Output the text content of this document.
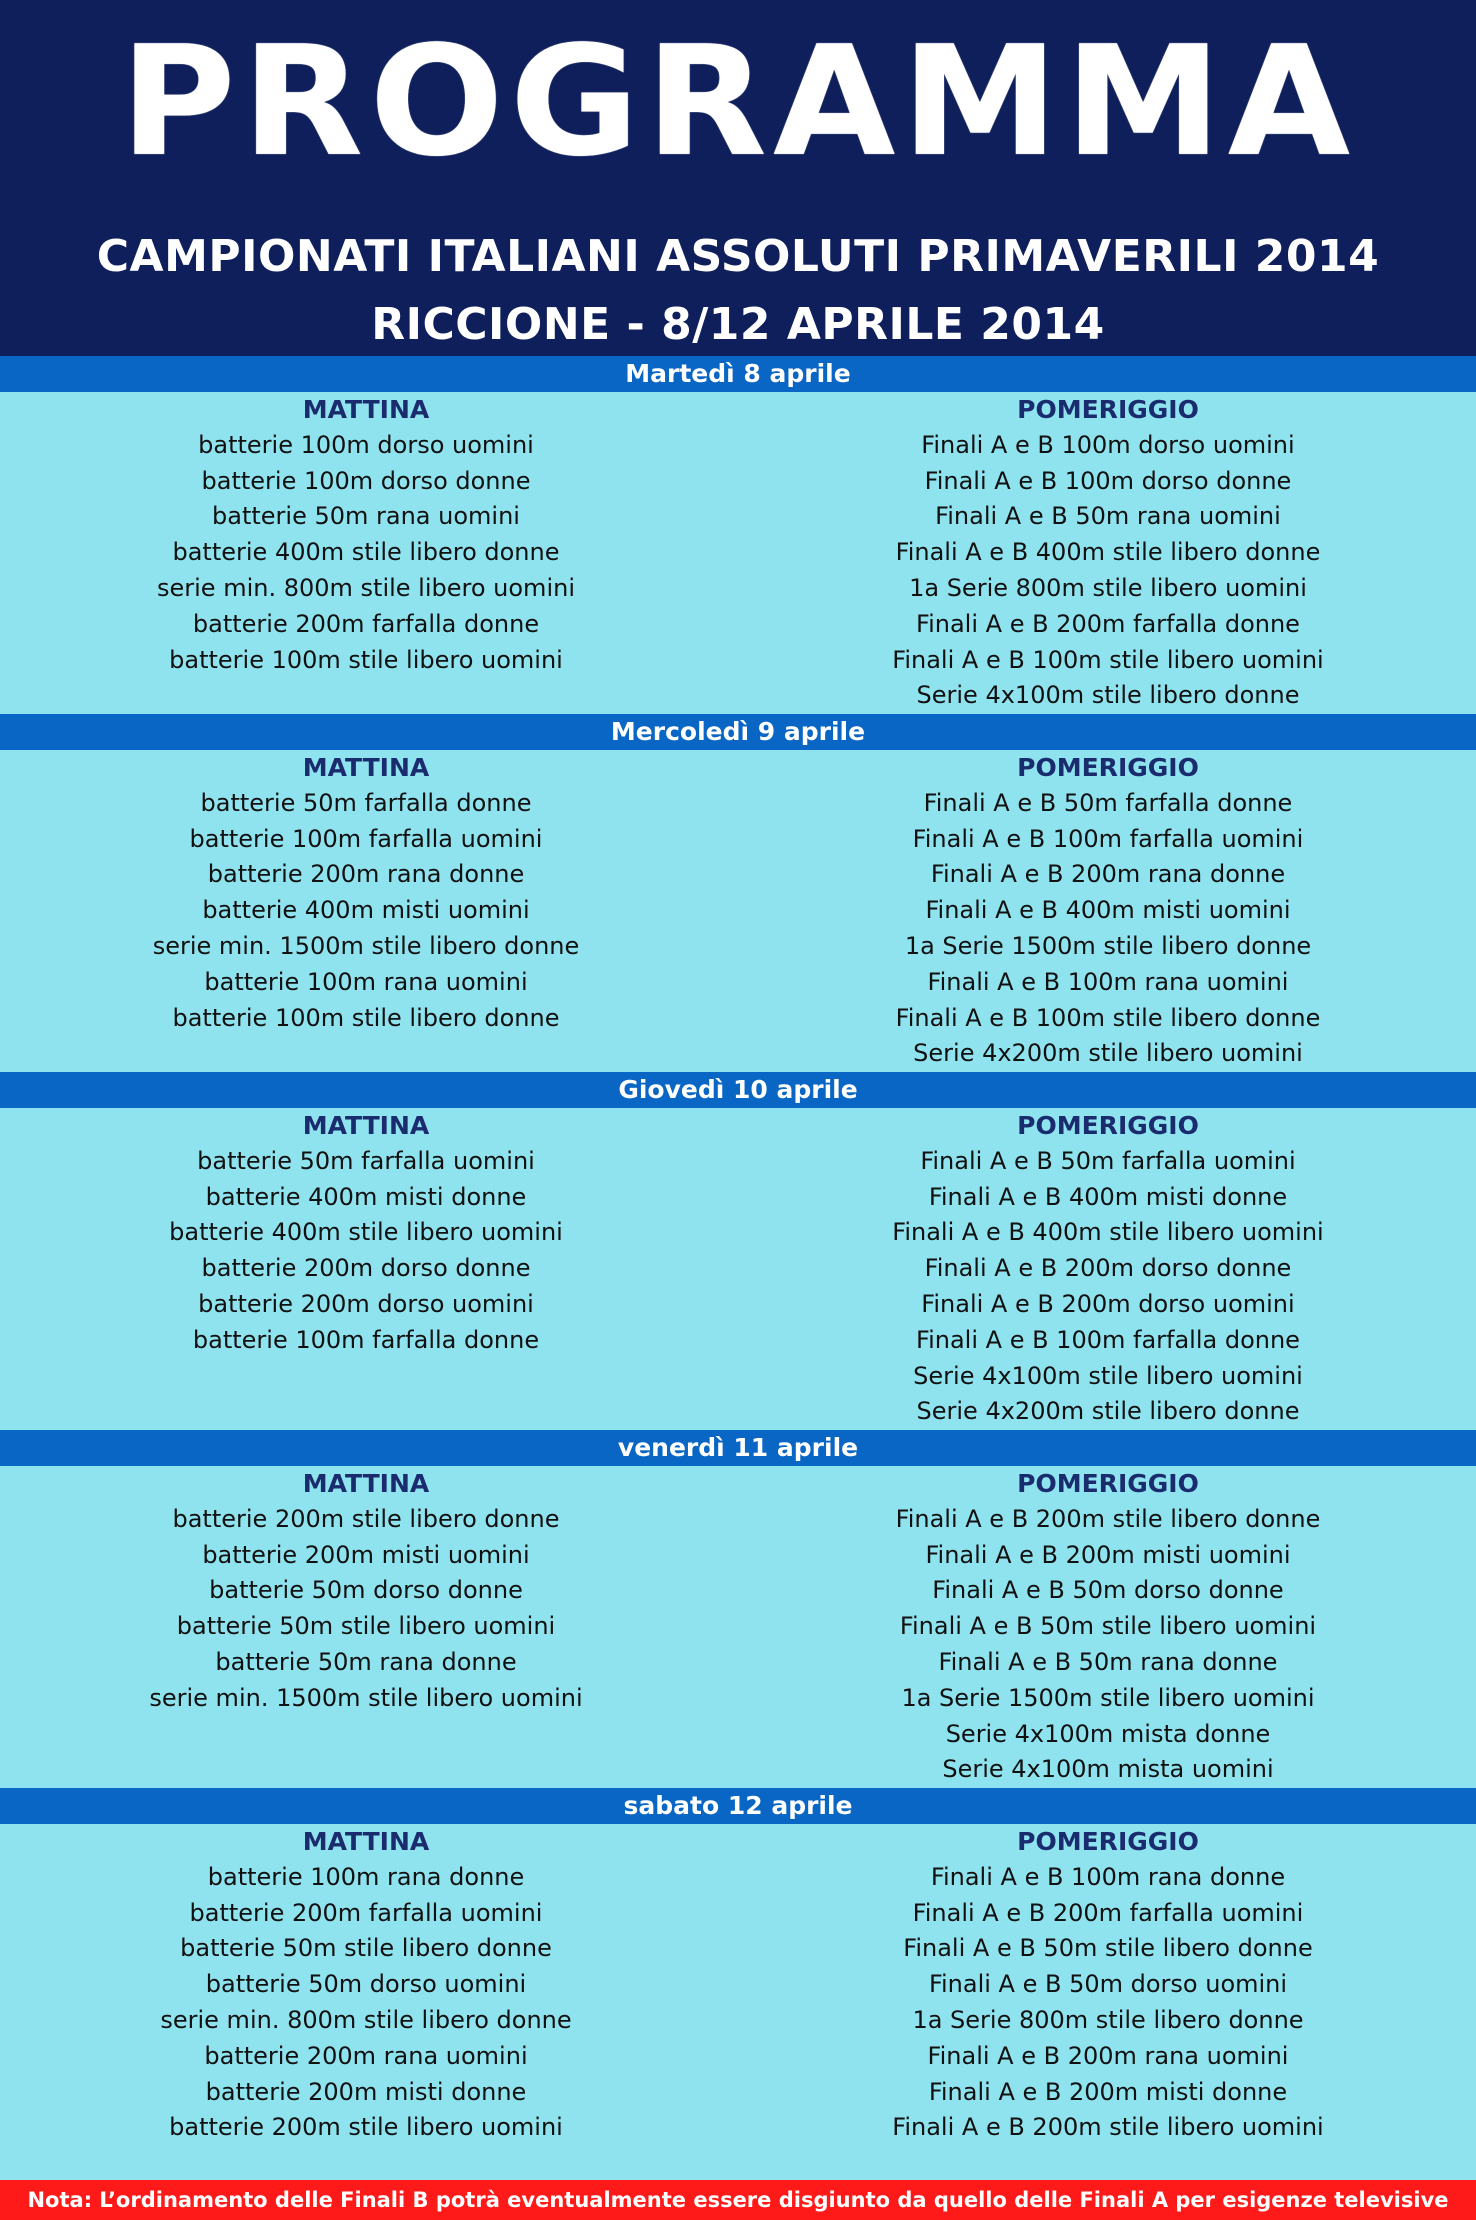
PROGRAMMA
CAMPIONATI ITALIANI ASSOLUTI PRIMAVERILI 2014
RICCIONE - 8/12 APRILE 2014
Martedì 8 aprile
MATTINA
batterie 100m dorso uomini
batterie 100m dorso donne
batterie 50m rana uomini
batterie 400m stile libero donne
serie min. 800m stile libero uomini
batterie 200m farfalla donne
batterie 100m stile libero uomini
POMERIGGIO
Finali A e B 100m dorso uomini
Finali A e B 100m dorso donne
Finali A e B 50m rana uomini
Finali A e B 400m stile libero donne
1a Serie 800m stile libero uomini
Finali A e B 200m farfalla donne
Finali A e B 100m stile libero uomini
Serie 4x100m stile libero donne
Mercoledì 9 aprile
MATTINA
batterie 50m farfalla donne
batterie 100m farfalla uomini
batterie 200m rana donne
batterie 400m misti uomini
serie min. 1500m stile libero donne
batterie 100m rana uomini
batterie 100m stile libero donne
POMERIGGIO
Finali A e B 50m farfalla donne
Finali A e B 100m farfalla uomini
Finali A e B 200m rana donne
Finali A e B 400m misti uomini
1a Serie 1500m stile libero donne
Finali A e B 100m rana uomini
Finali A e B 100m stile libero donne
Serie 4x200m stile libero uomini
Giovedì 10 aprile
MATTINA
batterie 50m farfalla uomini
batterie 400m misti donne
batterie 400m stile libero uomini
batterie 200m dorso donne
batterie 200m dorso uomini
batterie 100m farfalla donne
POMERIGGIO
Finali A e B 50m farfalla uomini
Finali A e B 400m misti donne
Finali A e B 400m stile libero uomini
Finali A e B 200m dorso donne
Finali A e B 200m dorso uomini
Finali A e B 100m farfalla donne
Serie 4x100m stile libero uomini
Serie 4x200m stile libero donne
venerdì 11 aprile
MATTINA
batterie 200m stile libero donne
batterie 200m misti uomini
batterie 50m dorso donne
batterie 50m stile libero uomini
batterie 50m rana donne
serie min. 1500m stile libero uomini
POMERIGGIO
Finali A e B 200m stile libero donne
Finali A e B 200m misti uomini
Finali A e B 50m dorso donne
Finali A e B 50m stile libero uomini
Finali A e B 50m rana donne
1a Serie 1500m stile libero uomini
Serie 4x100m mista donne
Serie 4x100m mista uomini
sabato 12 aprile
MATTINA
batterie 100m rana donne
batterie 200m farfalla uomini
batterie 50m stile libero donne
batterie 50m dorso uomini
serie min. 800m stile libero donne
batterie 200m rana uomini
batterie 200m misti donne
batterie 200m stile libero uomini
POMERIGGIO
Finali A e B 100m rana donne
Finali A e B 200m farfalla uomini
Finali A e B 50m stile libero donne
Finali A e B 50m dorso uomini
1a Serie 800m stile libero donne
Finali A e B 200m rana uomini
Finali A e B 200m misti donne
Finali A e B 200m stile libero uomini
Nota: L’ordinamento delle Finali B potrà eventualmente essere disgiunto da quello delle Finali A per esigenze televisive
